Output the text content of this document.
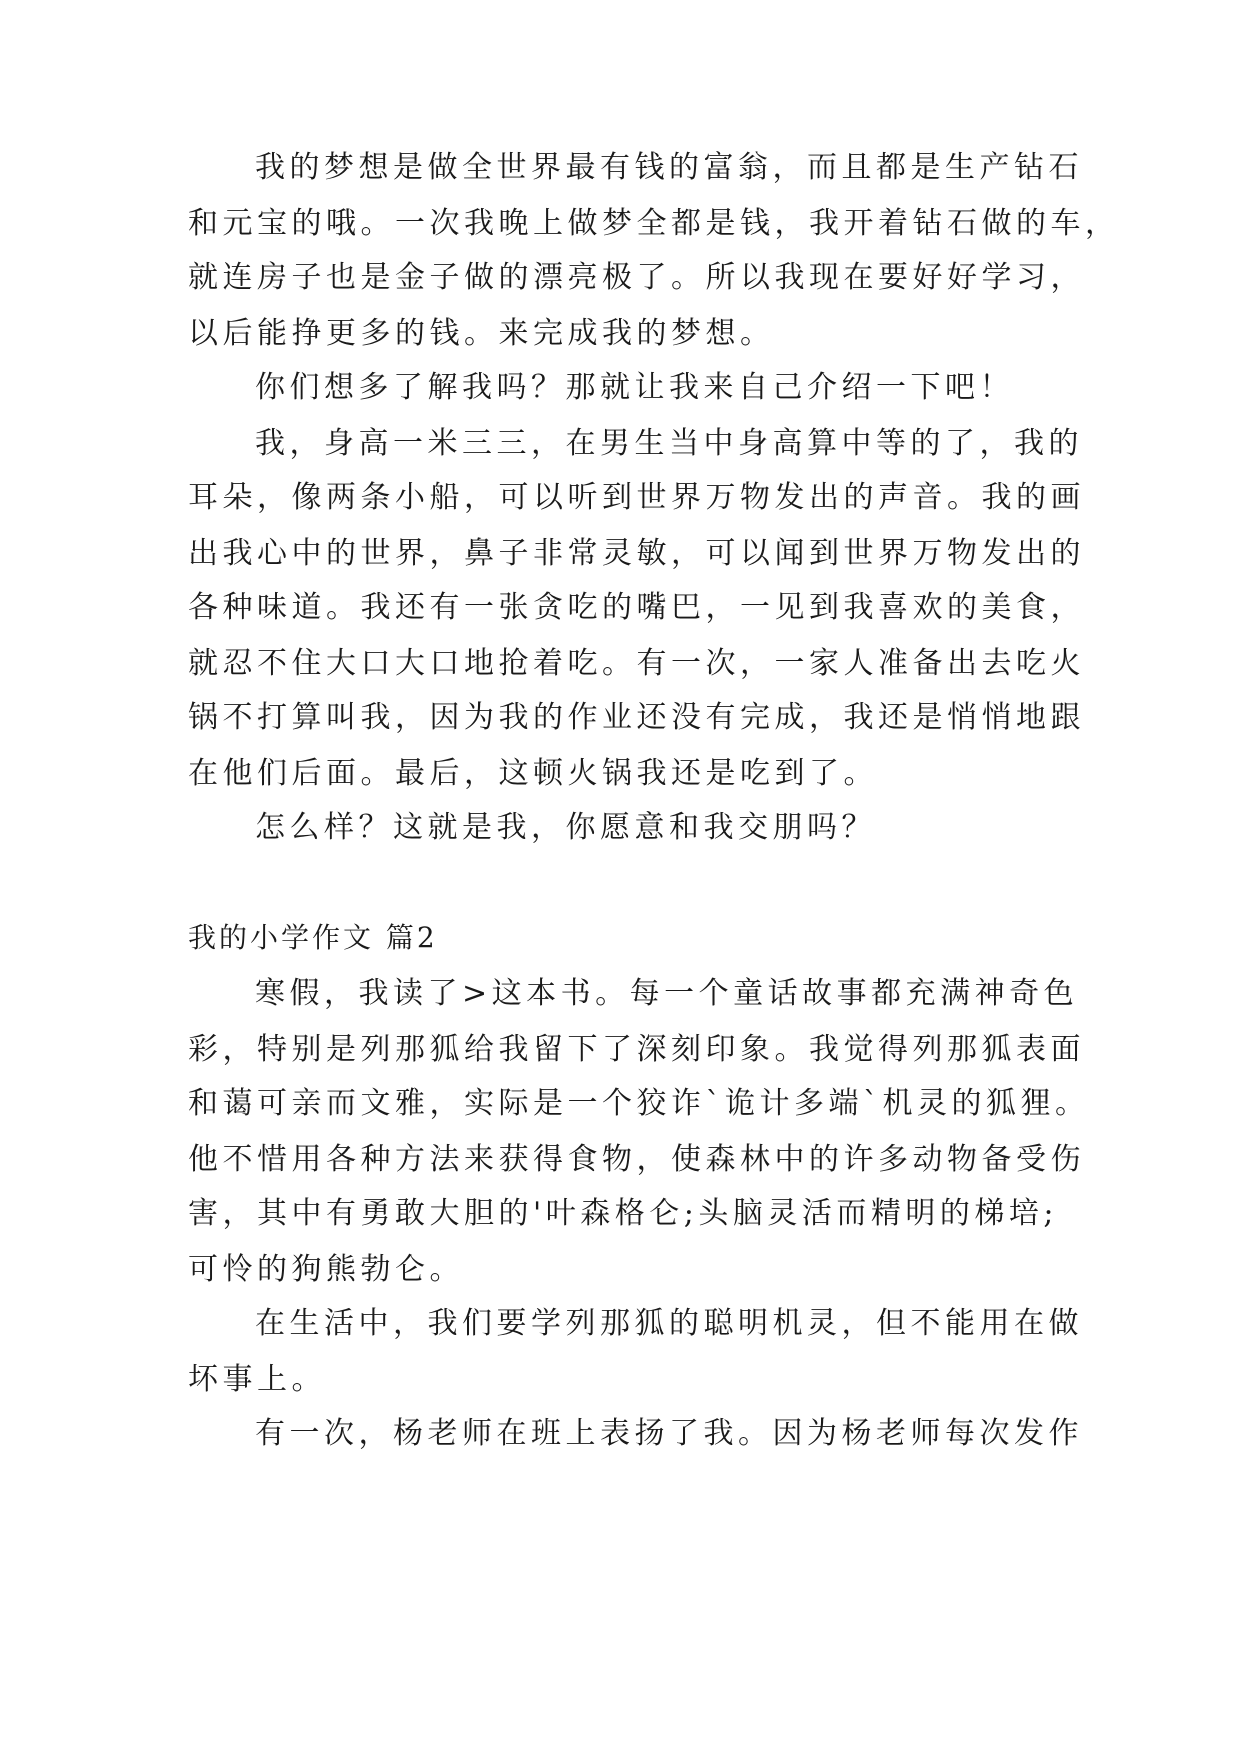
我的梦想是做全世界最有钱的富翁，而且都是生产钻石
和元宝的哦。一次我晚上做梦全都是钱，我开着钻石做的车，
就连房子也是金子做的漂亮极了。所以我现在要好好学习，
以后能挣更多的钱。来完成我的梦想。
你们想多了解我吗？那就让我来自己介绍一下吧！
我，身高一米三三，在男生当中身高算中等的了，我的
耳朵，像两条小船，可以听到世界万物发出的声音。我的画
出我心中的世界，鼻子非常灵敏，可以闻到世界万物发出的
各种味道。我还有一张贪吃的嘴巴，一见到我喜欢的美食，
就忍不住大口大口地抢着吃。有一次，一家人准备出去吃火
锅不打算叫我，因为我的作业还没有完成，我还是悄悄地跟
在他们后面。最后，这顿火锅我还是吃到了。
怎么样？这就是我，你愿意和我交朋吗？
我的小学作文 篇2
寒假，我读了>这本书。每一个童话故事都充满神奇色
彩，特别是列那狐给我留下了深刻印象。我觉得列那狐表面
和蔼可亲而文雅，实际是一个狡诈`诡计多端`机灵的狐狸。
他不惜用各种方法来获得食物，使森林中的许多动物备受伤
害，其中有勇敢大胆的'叶森格仑;头脑灵活而精明的梯培;
可怜的狗熊勃仑。
在生活中，我们要学列那狐的聪明机灵，但不能用在做
坏事上。
有一次，杨老师在班上表扬了我。因为杨老师每次发作
